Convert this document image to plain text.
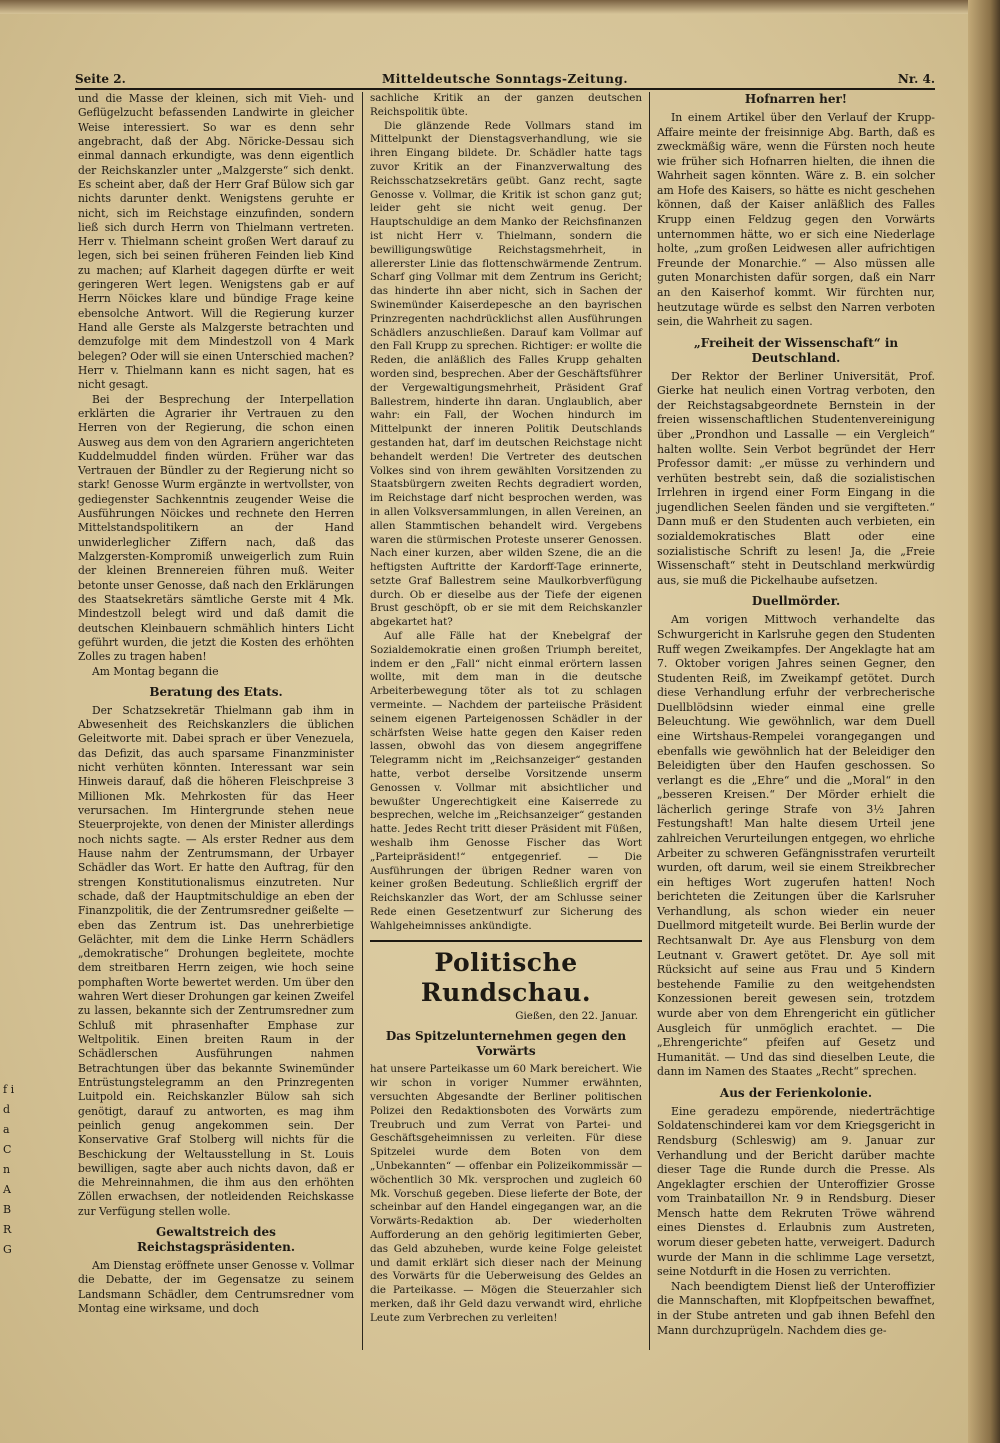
Seite 2.	Mitteldeutsche Sonntags-Zeitung.	Nr. 4.
f i d a C n A B R G

und die Masse der kleinen, sich mit Vieh- und Geflügelzucht befassenden Landwirte in gleicher Weise interessiert. So war es denn sehr angebracht, daß der Abg. Nöricke-Dessau sich einmal dannach erkundigte, was denn eigentlich der Reichskanzler unter „Malzgerste“ sich denkt. Es scheint aber, daß der Herr Graf Bülow sich gar nichts darunter denkt. Wenigstens geruhte er nicht, sich im Reichstage einzufinden, sondern ließ sich durch Herrn von Thielmann vertreten. Herr v. Thielmann scheint großen Wert darauf zu legen, sich bei seinen früheren Feinden lieb Kind zu machen; auf Klarheit dagegen dürfte er weit geringeren Wert legen. Wenigstens gab er auf Herrn Nöickes klare und bündige Frage keine ebensolche Antwort. Will die Regierung kurzer Hand alle Gerste als Malzgerste betrachten und demzufolge mit dem Mindestzoll von 4 Mark belegen? Oder will sie einen Unterschied machen? Herr v. Thielmann kann es nicht sagen, hat es nicht gesagt.

Bei der Besprechung der Interpellation erklärten die Agrarier ihr Vertrauen zu den Herren von der Regierung, die schon einen Ausweg aus dem von den Agrariern angerichteten Kuddelmuddel finden würden. Früher war das Vertrauen der Bündler zu der Regierung nicht so stark! Genosse Wurm ergänzte in wertvollster, von gediegenster Sachkenntnis zeugender Weise die Ausführungen Nöickes und rechnete den Herren Mittelstandspolitikern an der Hand unwiderleglicher Ziffern nach, daß das Malzgersten-Kompromiß unweigerlich zum Ruin der kleinen Brennereien führen muß. Weiter betonte unser Genosse, daß nach den Erklärungen des Staatsekretärs sämtliche Gerste mit 4 Mk. Mindestzoll belegt wird und daß damit die deutschen Kleinbauern schmählich hinters Licht geführt wurden, die jetzt die Kosten des erhöhten Zolles zu tragen haben!

Am Montag begann die

Beratung des Etats.

Der Schatzsekretär Thielmann gab ihm in Abwesenheit des Reichskanzlers die üblichen Geleitworte mit. Dabei sprach er über Venezuela, das Defizit, das auch sparsame Finanzminister nicht verhüten könnten. Interessant war sein Hinweis darauf, daß die höheren Fleischpreise 3 Millionen Mk. Mehrkosten für das Heer verursachen. Im Hintergrunde stehen neue Steuerprojekte, von denen der Minister allerdings noch nichts sagte. — Als erster Redner aus dem Hause nahm der Zentrumsmann, der Urbayer Schädler das Wort. Er hatte den Auftrag, für den strengen Konstitutionalismus einzutreten. Nur schade, daß der Hauptmitschuldige an eben der Finanzpolitik, die der Zentrumsredner geißelte — eben das Zentrum ist. Das unehrerbietige Gelächter, mit dem die Linke Herrn Schädlers „demokratische“ Drohungen begleitete, mochte dem streitbaren Herrn zeigen, wie hoch seine pomphaften Worte bewertet werden. Um über den wahren Wert dieser Drohungen gar keinen Zweifel zu lassen, bekannte sich der Zentrumsredner zum Schluß mit phrasenhafter Emphase zur Weltpolitik. Einen breiten Raum in der Schädlerschen Ausführungen nahmen Betrachtungen über das bekannte Swinemünder Entrüstungstelegramm an den Prinzregenten Luitpold ein. Reichskanzler Bülow sah sich genötigt, darauf zu antworten, es mag ihm peinlich genug angekommen sein. Der Konservative Graf Stolberg will nichts für die Beschickung der Weltausstellung in St. Louis bewilligen, sagte aber auch nichts davon, daß er die Mehreinnahmen, die ihm aus den erhöhten Zöllen erwachsen, der notleidenden Reichskasse zur Verfügung stellen wolle.

Gewaltstreich des Reichstagspräsidenten.

Am Dienstag eröffnete unser Genosse v. Vollmar die Debatte, der im Gegensatze zu seinem Landsmann Schädler, dem Centrumsredner vom Montag eine wirksame, und doch

sachliche Kritik an der ganzen deutschen Reichspolitik übte.

Die glänzende Rede Vollmars stand im Mittelpunkt der Dienstagsverhandlung, wie sie ihren Eingang bildete. Dr. Schädler hatte tags zuvor Kritik an der Finanzverwaltung des Reichsschatzsekretärs geübt. Ganz recht, sagte Genosse v. Vollmar, die Kritik ist schon ganz gut; leider geht sie nicht weit genug. Der Hauptschuldige an dem Manko der Reichsfinanzen ist nicht Herr v. Thielmann, sondern die bewilligungswütige Reichstagsmehrheit, in allererster Linie das flottenschwärmende Zentrum. Scharf ging Vollmar mit dem Zentrum ins Gericht; das hinderte ihn aber nicht, sich in Sachen der Swinemünder Kaiserdepesche an den bayrischen Prinzregenten nachdrücklichst allen Ausführungen Schädlers anzuschließen. Darauf kam Vollmar auf den Fall Krupp zu sprechen. Richtiger: er wollte die Reden, die anläßlich des Falles Krupp gehalten worden sind, besprechen. Aber der Geschäftsführer der Vergewaltigungsmehrheit, Präsident Graf Ballestrem, hinderte ihn daran. Unglaublich, aber wahr: ein Fall, der Wochen hindurch im Mittelpunkt der inneren Politik Deutschlands gestanden hat, darf im deutschen Reichstage nicht behandelt werden! Die Vertreter des deutschen Volkes sind von ihrem gewählten Vorsitzenden zu Staatsbürgern zweiten Rechts degradiert worden, im Reichstage darf nicht besprochen werden, was in allen Volksversammlungen, in allen Vereinen, an allen Stammtischen behandelt wird. Vergebens waren die stürmischen Proteste unserer Genossen. Nach einer kurzen, aber wilden Szene, die an die heftigsten Auftritte der Kardorff-Tage erinnerte, setzte Graf Ballestrem seine Maulkorbverfügung durch. Ob er dieselbe aus der Tiefe der eigenen Brust geschöpft, ob er sie mit dem Reichskanzler abgekartet hat?

Auf alle Fälle hat der Knebelgraf der Sozialdemokratie einen großen Triumph bereitet, indem er den „Fall“ nicht einmal erörtern lassen wollte, mit dem man in die deutsche Arbeiterbewegung töter als tot zu schlagen vermeinte. — Nachdem der parteiische Präsident seinem eigenen Parteigenossen Schädler in der schärfsten Weise hatte gegen den Kaiser reden lassen, obwohl das von diesem angegriffene Telegramm nicht im „Reichsanzeiger“ gestanden hatte, verbot derselbe Vorsitzende unserm Genossen v. Vollmar mit absichtlicher und bewußter Ungerechtigkeit eine Kaiserrede zu besprechen, welche im „Reichsanzeiger“ gestanden hatte. Jedes Recht tritt dieser Präsident mit Füßen, weshalb ihm Genosse Fischer das Wort „Parteipräsident!“ entgegenrief. — Die Ausführungen der übrigen Redner waren von keiner großen Bedeutung. Schließlich ergriff der Reichskanzler das Wort, der am Schlusse seiner Rede einen Gesetzentwurf zur Sicherung des Wahlgeheimnisses ankündigte.

Politische Rundschau.
Gießen, den 22. Januar.
Das Spitzelunternehmen gegen den Vorwärts

hat unsere Parteikasse um 60 Mark bereichert. Wie wir schon in voriger Nummer erwähnten, versuchten Abgesandte der Berliner politischen Polizei den Redaktionsboten des Vorwärts zum Treubruch und zum Verrat von Partei- und Geschäftsgeheimnissen zu verleiten. Für diese Spitzelei wurde dem Boten von dem „Unbekannten“ — offenbar ein Polizeikommissär — wöchentlich 30 Mk. versprochen und zugleich 60 Mk. Vorschuß gegeben. Diese lieferte der Bote, der scheinbar auf den Handel eingegangen war, an die Vorwärts-Redaktion ab. Der wiederholten Aufforderung an den gehörig legitimierten Geber, das Geld abzuheben, wurde keine Folge geleistet und damit erklärt sich dieser nach der Meinung des Vorwärts für die Ueberweisung des Geldes an die Parteikasse. — Mögen die Steuerzahler sich merken, daß ihr Geld dazu verwandt wird, ehrliche Leute zum Verbrechen zu verleiten!

Hofnarren her!

In einem Artikel über den Verlauf der Krupp-Affaire meinte der freisinnige Abg. Barth, daß es zweckmäßig wäre, wenn die Fürsten noch heute wie früher sich Hofnarren hielten, die ihnen die Wahrheit sagen könnten. Wäre z. B. ein solcher am Hofe des Kaisers, so hätte es nicht geschehen können, daß der Kaiser anläßlich des Falles Krupp einen Feldzug gegen den Vorwärts unternommen hätte, wo er sich eine Niederlage holte, „zum großen Leidwesen aller aufrichtigen Freunde der Monarchie.“ — Also müssen alle guten Monarchisten dafür sorgen, daß ein Narr an den Kaiserhof kommt. Wir fürchten nur, heutzutage würde es selbst den Narren verboten sein, die Wahrheit zu sagen.

„Freiheit der Wissenschaft“ in Deutschland.

Der Rektor der Berliner Universität, Prof. Gierke hat neulich einen Vortrag verboten, den der Reichstagsabgeordnete Bernstein in der freien wissenschaftlichen Studentenvereinigung über „Prondhon und Lassalle — ein Vergleich“ halten wollte. Sein Verbot begründet der Herr Professor damit: „er müsse zu verhindern und verhüten bestrebt sein, daß die sozialistischen Irrlehren in irgend einer Form Eingang in die jugendlichen Seelen fänden und sie vergifteten.“ Dann muß er den Studenten auch verbieten, ein sozialdemokratisches Blatt oder eine sozialistische Schrift zu lesen! Ja, die „Freie Wissenschaft“ steht in Deutschland merkwürdig aus, sie muß die Pickelhaube aufsetzen.

Duellmörder.

Am vorigen Mittwoch verhandelte das Schwurgericht in Karlsruhe gegen den Studenten Ruff wegen Zweikampfes. Der Angeklagte hat am 7. Oktober vorigen Jahres seinen Gegner, den Studenten Reiß, im Zweikampf getötet. Durch diese Verhandlung erfuhr der verbrecherische Duellblödsinn wieder einmal eine grelle Beleuchtung. Wie gewöhnlich, war dem Duell eine Wirtshaus-Rempelei vorangegangen und ebenfalls wie gewöhnlich hat der Beleidiger den Beleidigten über den Haufen geschossen. So verlangt es die „Ehre“ und die „Moral“ in den „besseren Kreisen.“ Der Mörder erhielt die lächerlich geringe Strafe von 3½ Jahren Festungshaft! Man halte diesem Urteil jene zahlreichen Verurteilungen entgegen, wo ehrliche Arbeiter zu schweren Gefängnisstrafen verurteilt wurden, oft darum, weil sie einem Streikbrecher ein heftiges Wort zugerufen hatten! Noch berichteten die Zeitungen über die Karlsruher Verhandlung, als schon wieder ein neuer Duellmord mitgeteilt wurde. Bei Berlin wurde der Rechtsanwalt Dr. Aye aus Flensburg von dem Leutnant v. Grawert getötet. Dr. Aye soll mit Rücksicht auf seine aus Frau und 5 Kindern bestehende Familie zu den weitgehendsten Konzessionen bereit gewesen sein, trotzdem wurde aber von dem Ehrengericht ein gütlicher Ausgleich für unmöglich erachtet. — Die „Ehrengerichte“ pfeifen auf Gesetz und Humanität. — Und das sind dieselben Leute, die dann im Namen des Staates „Recht“ sprechen.

Aus der Ferienkolonie.

Eine geradezu empörende, niederträchtige Soldatenschinderei kam vor dem Kriegsgericht in Rendsburg (Schleswig) am 9. Januar zur Verhandlung und der Bericht darüber machte dieser Tage die Runde durch die Presse. Als Angeklagter erschien der Unteroffizier Grosse vom Trainbataillon Nr. 9 in Rendsburg. Dieser Mensch hatte dem Rekruten Tröwe während eines Dienstes d. Erlaubnis zum Austreten, worum dieser gebeten hatte, verweigert. Dadurch wurde der Mann in die schlimme Lage versetzt, seine Notdurft in die Hosen zu verrichten.

Nach beendigtem Dienst ließ der Unteroffizier die Mannschaften, mit Klopfpeitschen bewaffnet, in der Stube antreten und gab ihnen Befehl den Mann durchzuprügeln. Nachdem dies ge-
